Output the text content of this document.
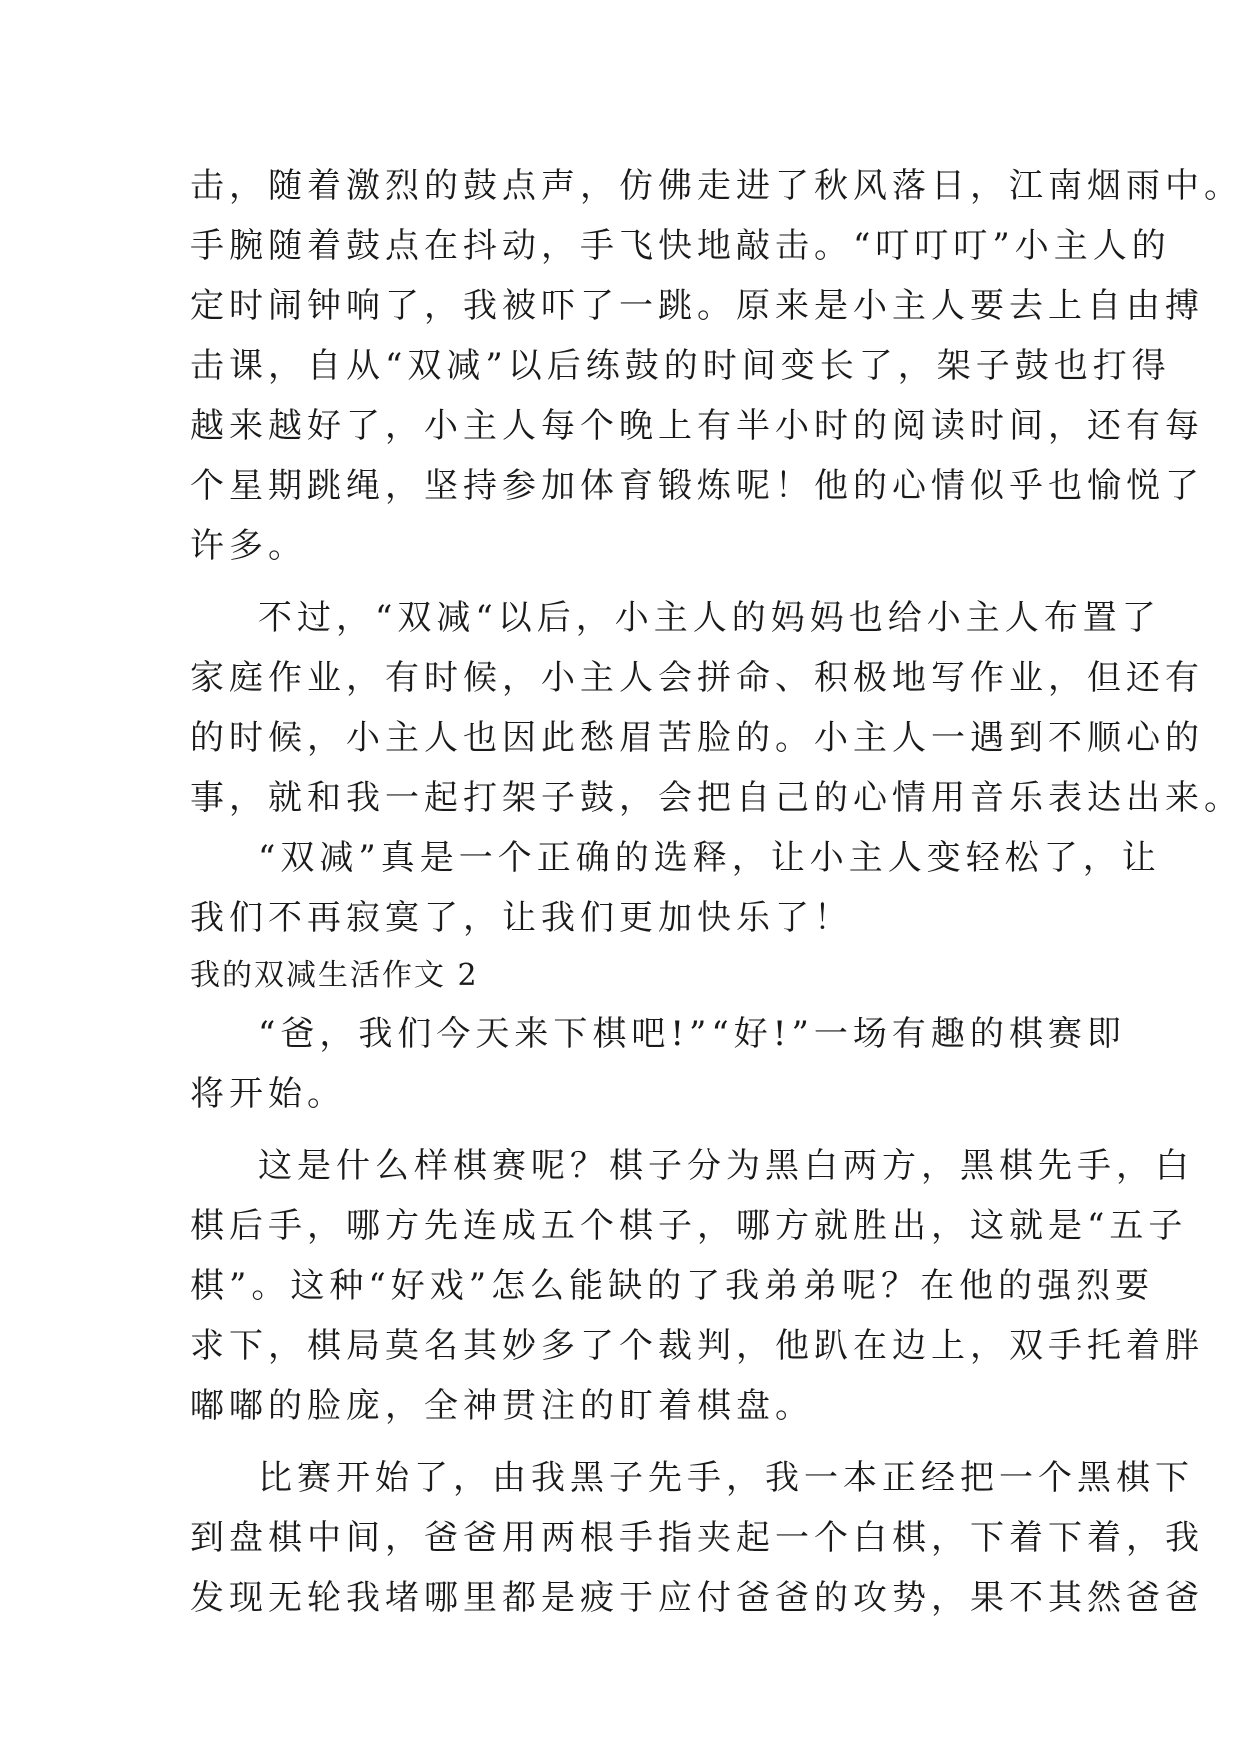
击，随着激烈的鼓点声，仿佛走进了秋风落日，江南烟雨中。
手腕随着鼓点在抖动，手飞快地敲击。“叮叮叮”小主人的
定时闹钟响了，我被吓了一跳。原来是小主人要去上自由搏
击课，自从“双减”以后练鼓的时间变长了，架子鼓也打得
越来越好了，小主人每个晚上有半小时的阅读时间，还有每
个星期跳绳，坚持参加体育锻炼呢！他的心情似乎也愉悦了
许多。
不过，“双减“以后，小主人的妈妈也给小主人布置了
家庭作业，有时候，小主人会拼命、积极地写作业，但还有
的时候，小主人也因此愁眉苦脸的。小主人一遇到不顺心的
事，就和我一起打架子鼓，会把自己的心情用音乐表达出来。
“双减”真是一个正确的选释，让小主人变轻松了，让
我们不再寂寞了，让我们更加快乐了！
我的双减生活作文 2
“爸，我们今天来下棋吧!”“好!”一场有趣的棋赛即
将开始。
这是什么样棋赛呢？棋子分为黑白两方，黑棋先手，白
棋后手，哪方先连成五个棋子，哪方就胜出，这就是“五子
棋”。这种“好戏”怎么能缺的了我弟弟呢？在他的强烈要
求下，棋局莫名其妙多了个裁判，他趴在边上，双手托着胖
嘟嘟的脸庞，全神贯注的盯着棋盘。
比赛开始了，由我黑子先手，我一本正经把一个黑棋下
到盘棋中间，爸爸用两根手指夹起一个白棋，下着下着，我
发现无轮我堵哪里都是疲于应付爸爸的攻势，果不其然爸爸
